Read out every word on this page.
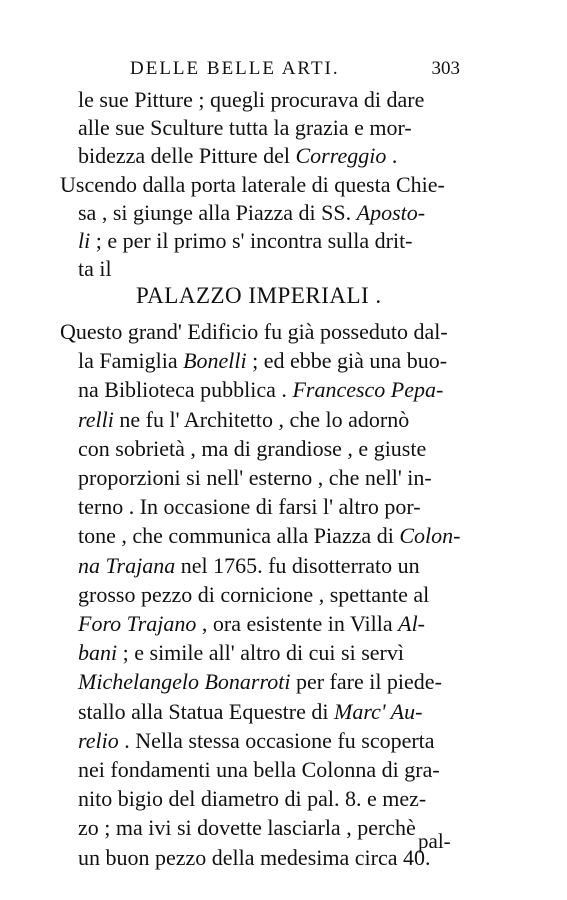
DELLE BELLE ARTI.	303
le sue Pitture ; quegli procurava di dare
alle sue Sculture tutta la grazia e mor-
bidezza delle Pitture del Correggio .
Uscendo dalla porta laterale di questa Chie-
sa , si giunge alla Piazza di SS. Aposto-
li ; e per il primo s' incontra sulla drit-
ta il
PALAZZO IMPERIALI .
Questo grand' Edificio fu già posseduto dal-
la Famiglia Bonelli ; ed ebbe già una buo-
na Biblioteca pubblica . Francesco Pepa-
relli ne fu l' Architetto , che lo adornò
con sobrietà , ma di grandiose , e giuste
proporzioni si nell' esterno , che nell' in-
terno . In occasione di farsi l' altro por-
tone , che communica alla Piazza di Colon-
na Trajana nel 1765. fu disotterrato un
grosso pezzo di cornicione , spettante al
Foro Trajano , ora esistente in Villa Al-
bani ; e simile all' altro di cui si servì
Michelangelo Bonarroti per fare il piede-
stallo alla Statua Equestre di Marc' Au-
relio . Nella stessa occasione fu scoperta
nei fondamenti una bella Colonna di gra-
nito bigio del diametro di pal. 8. e mez-
zo ; ma ivi si dovette lasciarla , perchè
un buon pezzo della medesima circa 40.
pal-
